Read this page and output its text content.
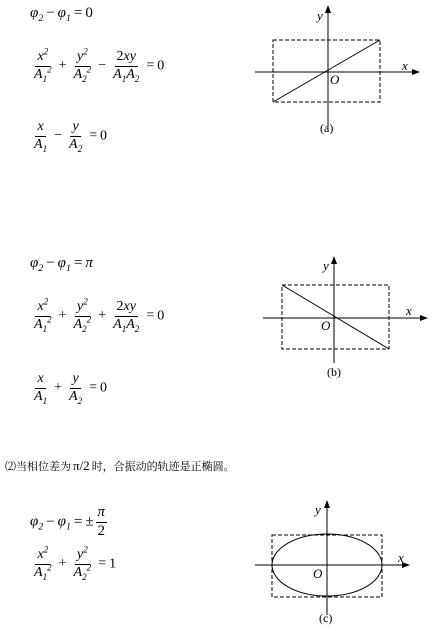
$\varphi_2 - \varphi_1 = 0$
$\frac{x^2}{A_1^2} + \frac{y^2}{A_2^2} - \frac{2xy}{A_1A_2} = 0$
$\frac{x}{A_1} - \frac{y}{A_2} = 0$
x
y
O
(a)
$\varphi_2 - \varphi_1 = \pi$
$\frac{x^2}{A_1^2} + \frac{y^2}{A_2^2} + \frac{2xy}{A_1A_2} = 0$
$\frac{x}{A_1} + \frac{y}{A_2} = 0$
x
y
O
(b)
⑵当相位差为 π/2 时，合振动的轨迹是正椭圆。
$\varphi_2 - \varphi_1$ = ± $\frac{\pi}{2}$
$\frac{x^2}{A_1^2} + \frac{y^2}{A_2^2} = 1$	x
y
O
(c)
